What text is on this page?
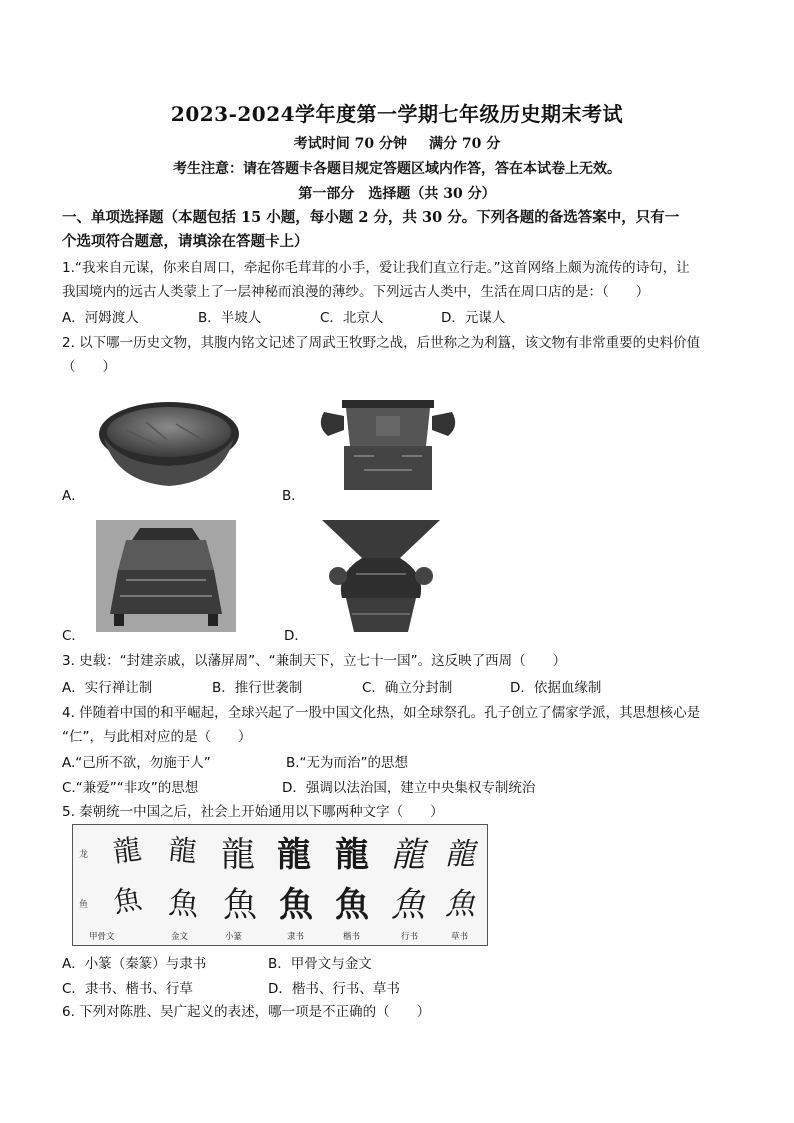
2023-2024学年度第一学期七年级历史期末考试
考试时间 70 分钟 满分 70 分
考生注意：请在答题卡各题目规定答题区域内作答，答在本试卷上无效。
第一部分 选择题（共 30 分）
一、单项选择题（本题包括 15 小题，每小题 2 分，共 30 分。下列各题的备选答案中，只有一
个选项符合题意，请填涂在答题卡上）
1.“我来自元谋，你来自周口，牵起你毛茸茸的小手，爱让我们直立行走。”这首网络上颇为流传的诗句，让
我国境内的远古人类蒙上了一层神秘而浪漫的薄纱。下列远古人类中，生活在周口店的是：（　　）
A．河姆渡人	B．半坡人	C．北京人	D．元谋人
2. 以下哪一历史文物，其腹内铭文记述了周武王牧野之战，后世称之为利簋，该文物有非常重要的史料价值
（　　）
A．	B．
C．	D．
3. 史载：“封建亲戚，以藩屏周”、“兼制天下，立七十一国”。这反映了西周（　　）
A．实行禅让制	B．推行世袭制	C．确立分封制	D．依据血缘制
4. 伴随着中国的和平崛起，全球兴起了一股中国文化热，如全球祭孔。孔子创立了儒家学派，其思想核心是
“仁”，与此相对应的是（　　）
A.“己所不欲，勿施于人”	B.“无为而治”的思想
C.“兼爱”“非攻”的思想	D．强调以法治国，建立中央集权专制统治
5. 秦朝统一中国之后，社会上开始通用以下哪两种文字（　　）
龙
鱼
龍 龍 龍 龍 龍 龍 龍
魚 魚 魚 魚 魚 魚 魚
甲骨文	金文	小篆	隶书	楷书	行书	草书
A．小篆（秦篆）与隶书	B．甲骨文与金文
C．隶书、楷书、行草	D．楷书、行书、草书
6. 下列对陈胜、吴广起义的表述，哪一项是不正确的（　　）
